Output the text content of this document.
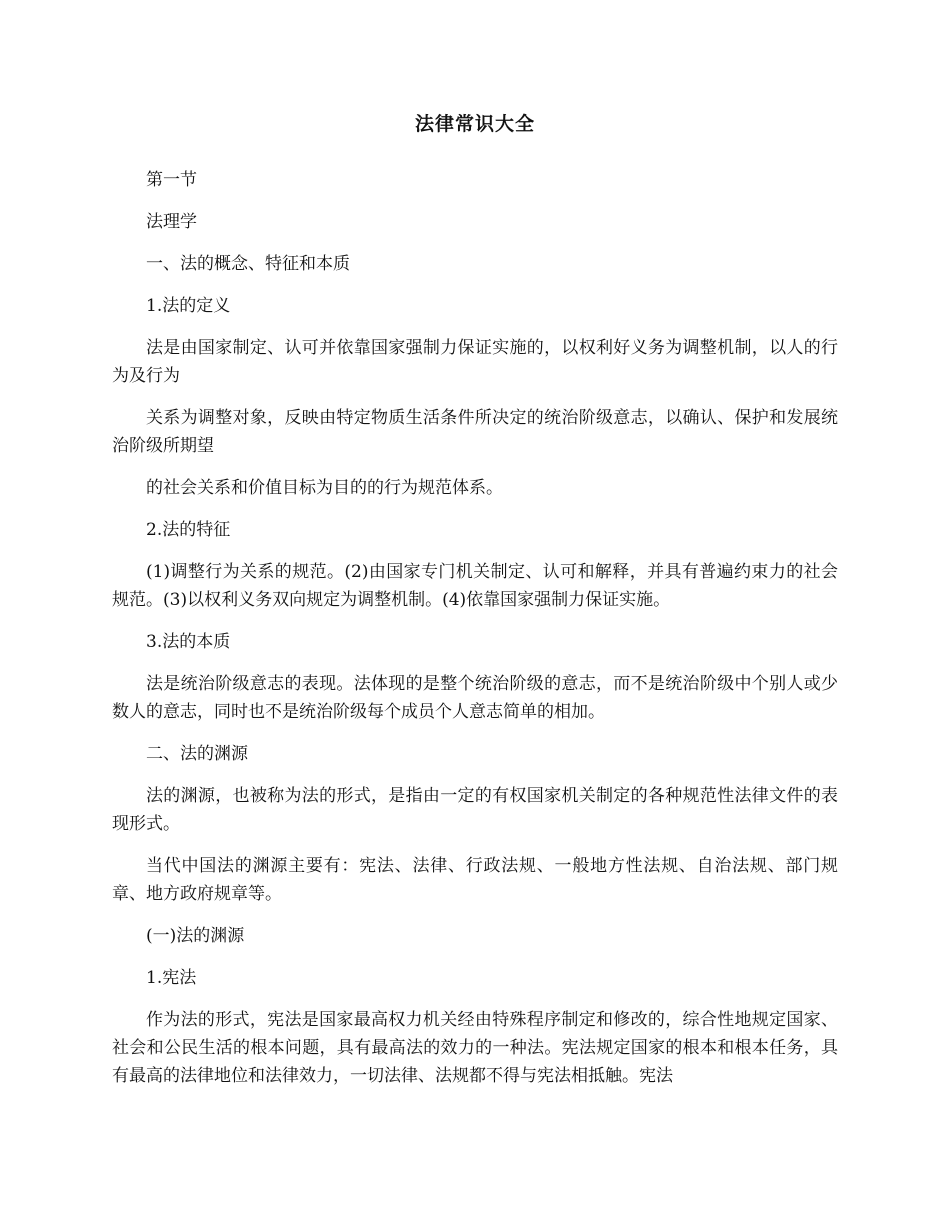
法律常识大全

第一节

法理学

一、法的概念、特征和本质

1.法的定义

法是由国家制定、认可并依靠国家强制力保证实施的，以权利好义务为调整机制，以人的行为及行为

关系为调整对象，反映由特定物质生活条件所决定的统治阶级意志，以确认、保护和发展统治阶级所期望

的社会关系和价值目标为目的的行为规范体系。

2.法的特征

(1)调整行为关系的规范。(2)由国家专门机关制定、认可和解释，并具有普遍约束力的社会规范。(3)以权利义务双向规定为调整机制。(4)依靠国家强制力保证实施。

3.法的本质

法是统治阶级意志的表现。法体现的是整个统治阶级的意志，而不是统治阶级中个别人或少数人的意志，同时也不是统治阶级每个成员个人意志简单的相加。

二、法的渊源

法的渊源，也被称为法的形式，是指由一定的有权国家机关制定的各种规范性法律文件的表现形式。

当代中国法的渊源主要有：宪法、法律、行政法规、一般地方性法规、自治法规、部门规章、地方政府规章等。

(一)法的渊源

1.宪法

作为法的形式，宪法是国家最高权力机关经由特殊程序制定和修改的，综合性地规定国家、社会和公民生活的根本问题，具有最高法的效力的一种法。宪法规定国家的根本和根本任务，具有最高的法律地位和法律效力，一切法律、法规都不得与宪法相抵触。宪法
